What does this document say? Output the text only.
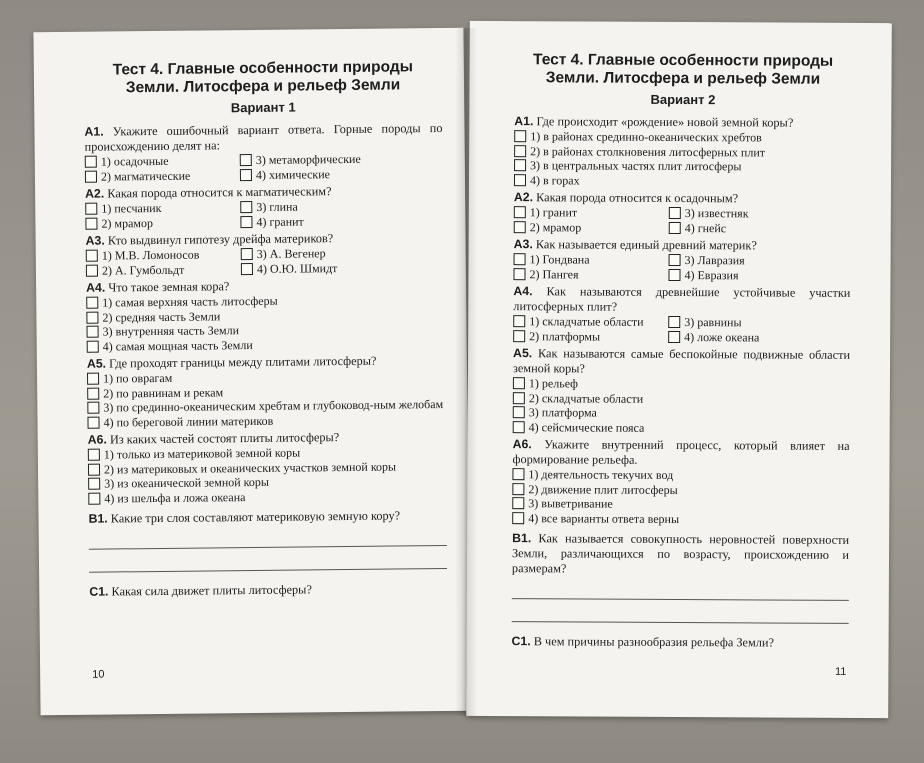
Тест 4. Главные особенности природы
Земли. Литосфера и рельеф Земли
Вариант 1
А1. Укажите ошибочный вариант ответа. Горные породы по происхождению делят на:
1) осадочные	3) метаморфические
2) магматические	4) химические
А2. Какая порода относится к магматическим?
1) песчаник	3) глина
2) мрамор	4) гранит
А3. Кто выдвинул гипотезу дрейфа материков?
1) М.В. Ломоносов	3) А. Вегенер
2) А. Гумбольдт	4) О.Ю. Шмидт
А4. Что такое земная кора?
1) самая верхняя часть литосферы
2) средняя часть Земли
3) внутренняя часть Земли
4) самая мощная часть Земли
А5. Где проходят границы между плитами литосферы?
1) по оврагам
2) по равнинам и рекам
3) по срединно-океаническим хребтам и глубоковод-ным желобам
4) по береговой линии материков
А6. Из каких частей состоят плиты литосферы?
1) только из материковой земной коры
2) из материковых и океанических участков земной коры
3) из океанической земной коры
4) из шельфа и ложа океана
В1. Какие три слоя составляют материковую земную кору?
С1. Какая сила движет плиты литосферы?
10
Тест 4. Главные особенности природы
Земли. Литосфера и рельеф Земли
Вариант 2
А1. Где происходит «рождение» новой земной коры?
1) в районах срединно-океанических хребтов
2) в районах столкновения литосферных плит
3) в центральных частях плит литосферы
4) в горах
А2. Какая порода относится к осадочным?
1) гранит	3) известняк
2) мрамор	4) гнейс
А3. Как называется единый древний материк?
1) Гондвана	3) Лавразия
2) Пангея	4) Евразия
А4. Как называются древнейшие устойчивые участки литосферных плит?
1) складчатые области	3) равнины
2) платформы	4) ложе океана
А5. Как называются самые беспокойные подвижные области земной коры?
1) рельеф
2) складчатые области
3) платформа
4) сейсмические пояса
А6. Укажите внутренний процесс, который влияет на формирование рельефа.
1) деятельность текучих вод
2) движение плит литосферы
3) выветривание
4) все варианты ответа верны
В1. Как называется совокупность неровностей поверхности Земли, различающихся по возрасту, происхождению и размерам?
С1. В чем причины разнообразия рельефа Земли?
11
